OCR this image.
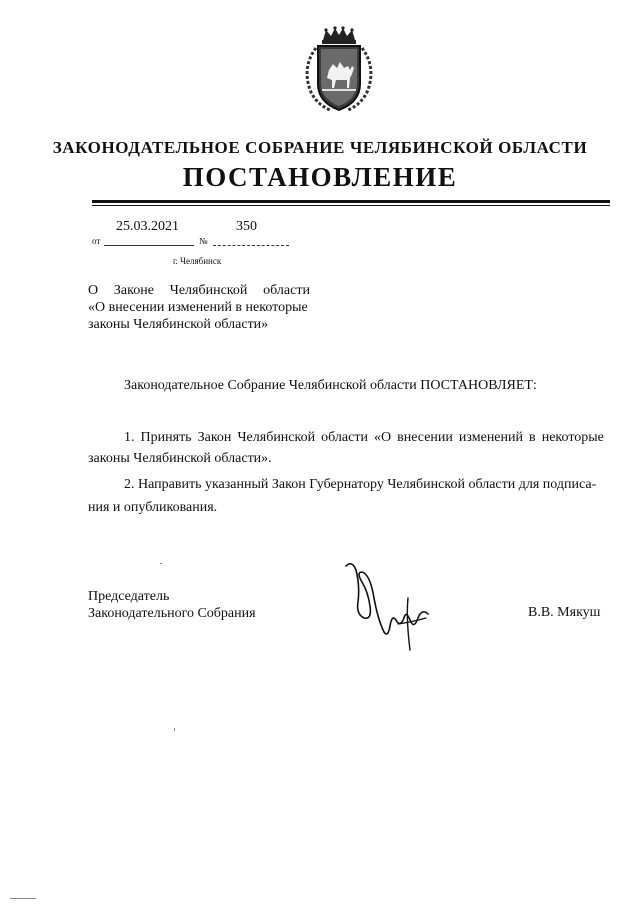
ЗАКОНОДАТЕЛЬНОЕ СОБРАНИЕ ЧЕЛЯБИНСКОЙ ОБЛАСТИ
ПОСТАНОВЛЕНИЕ
от
25.03.2021
№
350
г. Челябинск
О Законе Челябинской области
«О внесении изменений в некоторые
законы Челябинской области»
Законодательное Собрание Челябинской области ПОСТАНОВЛЯЕТ:
1. Принять Закон Челябинской области «О внесении изменений в некоторые
законы Челябинской области».
2. Направить указанный Закон Губернатору Челябинской области для подписа-
ния и опубликования.
Председатель
Законодательного Собрания	В.В. Мякуш
